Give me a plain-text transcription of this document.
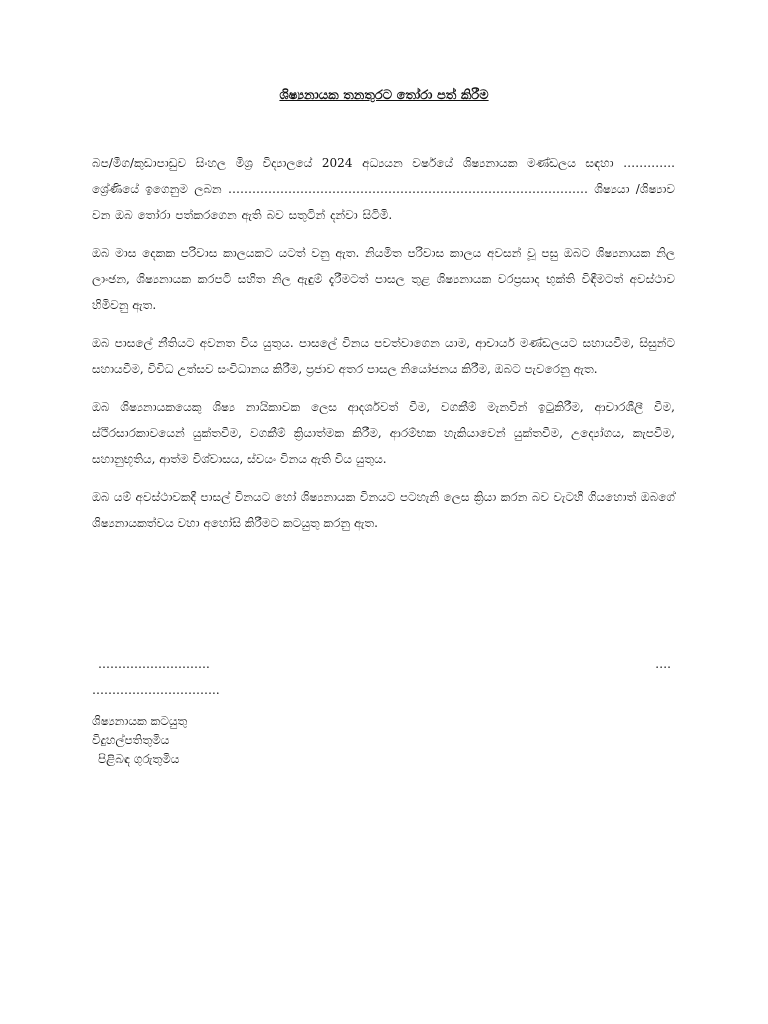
ශිෂ්‍යනායක තනතුරට තෝරා පත් කිරීම

බප/මීග/කුඩාපාඩුව සිංහල මිශ්‍ර විද්‍යාලයේ 2024 අධ්‍යයන වර්ෂයේ ශිෂ්‍යනායක මණ්ඩලය සඳහා …………. ශ්‍රේණියේ ඉගෙනුම ලබන ……………………………………………………………………………… ශිෂ්‍යයා /ශිෂ්‍යාව වන ඔබ තෝරා පත්කරගෙන ඇති බව සතුටින් දන්වා සිටිමි.

ඔබ මාස දෙකක පරිවාස කාලයකට යටත් වනු ඇත. නියමිත පරිවාස කාලය අවසන් වූ පසු ඔබට ශිෂ්‍යනායක නිල ලාංඡන, ශිෂ්‍යනායක කරපටි සහිත නිල ඇඳුම් දැරීමටත් පාසල තුළ ශිෂ්‍යනායක වරප්‍රසාද භුක්ති විඳීමටත් අවස්ථාව හිමිවනු ඇත.

ඔබ පාසලේ නීතියට අවනත විය යුතුය. පාසලේ විනය පවත්වාගෙන යාම, ආචාර්ය මණ්ඩලයට සහායවීම, සිසුන්ට සහායවීම, විවිධ උත්සව සංවිධානය කිරීම, ප්‍රජාව අතර පාසල නියෝජනය කිරීම, ඔබට පැවරෙනු ඇත.

ඔබ ශිෂ්‍යනායකයෙකු ශිෂ්‍ය නායිකාවක ලෙස ආදර්ශවත් වීම, වගකීම් මැනවින් ඉටුකිරීම, ආචාරශීලී වීම, ස්ථිරසාරකාවයෙන් යුක්තවීම, වගකීම් ක්‍රියාත්මක කිරීම, ආරම්භක හැකියාවෙන් යුක්තවීම, උද්‍යෝගය, කැපවීම, සහානුභූතිය, ආත්ම විශ්වාසය, ස්වයං විනය ඇති විය යුතුය.

ඔබ යම් අවස්ථාවකදී පාසල් විනයට හෝ ශිෂ්‍යනායක විනයට පටහැනි ලෙස ක්‍රියා කරන බව වැටහී ගියහොත් ඔබගේ ශිෂ්‍යනායකත්වය වහා අහෝසි කිරීමට කටයුතු කරනු ඇත.

……………………….	….
…………………………..
ශිෂ්‍යනායක කටයුතු
විදුහල්පතිතුමිය
පිළිබඳ ගුරුතුමිය
